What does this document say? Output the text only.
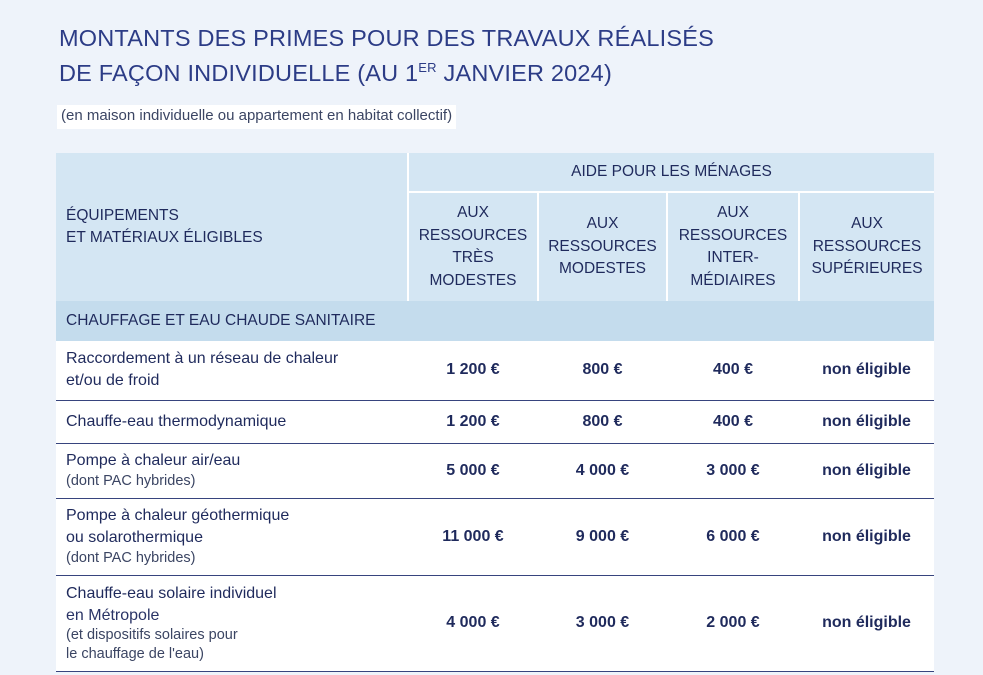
MONTANTS DES PRIMES POUR DES TRAVAUX RÉALISÉS
DE FAÇON INDIVIDUELLE (AU 1ER JANVIER 2024)
(en maison individuelle ou appartement en habitat collectif)
ÉQUIPEMENTS
ET MATÉRIAUX ÉLIGIBLES	AIDE POUR LES MÉNAGES			

	AUX
RESSOURCES
TRÈS
MODESTES	AUX
RESSOURCES
MODESTES	AUX
RESSOURCES
INTER-
MÉDIAIRES	AUX
RESSOURCES
SUPÉRIEURES

CHAUFFAGE ET EAU CHAUDE SANITAIRE				

Raccordement à un réseau de chaleur
et/ou de froid	1 200 €	800 €	400 €	non éligible

Chauffe-eau thermodynamique	1 200 €	800 €	400 €	non éligible

Pompe à chaleur air/eau
(dont PAC hybrides)	5 000 €	4 000 €	3 000 €	non éligible

Pompe à chaleur géothermique
ou solarothermique
(dont PAC hybrides)	11 000 €	9 000 €	6 000 €	non éligible

Chauffe-eau solaire individuel
en Métropole
(et dispositifs solaires pour
le chauffage de l'eau)	4 000 €	3 000 €	2 000 €	non éligible
